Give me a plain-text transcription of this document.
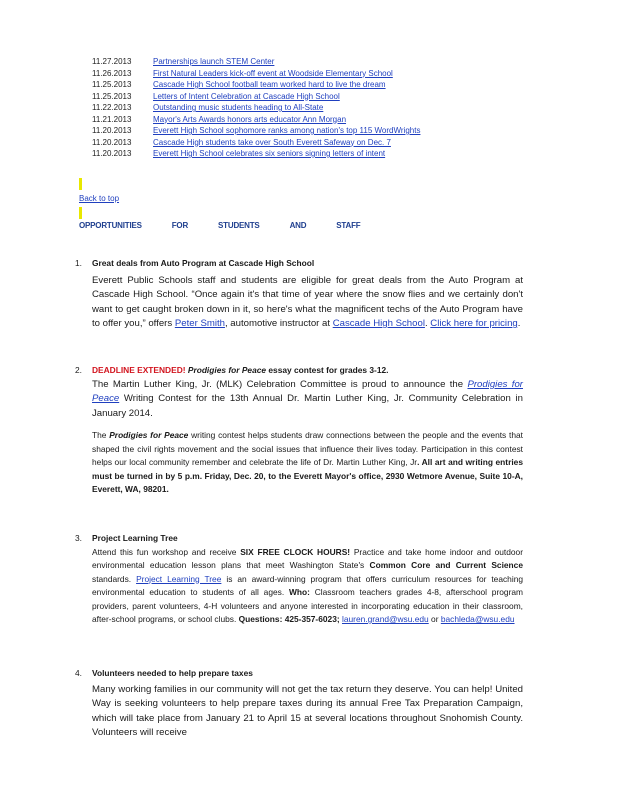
11.27.2013	Partnerships launch STEM Center
11.26.2013	First Natural Leaders kick-off event at Woodside Elementary School
11.25.2013	Cascade High School football team worked hard to live the dream
11.25.2013	Letters of Intent Celebration at Cascade High School
11.22.2013	Outstanding music students heading to All-State
11.21.2013	Mayor's Arts Awards honors arts educator Ann Morgan
11.20.2013	Everett High School sophomore ranks among nation's top 115 WordWrights
11.20.2013	Cascade High students take over South Everett Safeway on Dec. 7
11.20.2013	Everett High School celebrates six seniors signing letters of intent
Back to top
OPPORTUNITIES	FOR	STUDENTS	AND	STAFF
1. Great deals from Auto Program at Cascade High School
Everett Public Schools staff and students are eligible for great deals from the Auto Program at Cascade High School. “Once again it's that time of year where the snow flies and we certainly don't want to get caught broken down in it, so here's what the magnificent techs of the Auto Program have to offer you,” offers Peter Smith, automotive instructor at Cascade High School. Click here for pricing.
2. DEADLINE EXTENDED! Prodigies for Peace essay contest for grades 3-12.
The Martin Luther King, Jr. (MLK) Celebration Committee is proud to announce the Prodigies for Peace Writing Contest for the 13th Annual Dr. Martin Luther King, Jr. Community Celebration in January 2014.
The Prodigies for Peace writing contest helps students draw connections between the people and the events that shaped the civil rights movement and the social issues that influence their lives today. Participation in this contest helps our local community remember and celebrate the life of Dr. Martin Luther King, Jr. All art and writing entries must be turned in by 5 p.m. Friday, Dec. 20, to the Everett Mayor's office, 2930 Wetmore Avenue, Suite 10-A, Everett, WA, 98201.
3. Project Learning Tree
Attend this fun workshop and receive SIX FREE CLOCK HOURS! Practice and take home indoor and outdoor environmental education lesson plans that meet Washington State's Common Core and Current Science standards. Project Learning Tree is an award-winning program that offers curriculum resources for teaching environmental education to students of all ages. Who: Classroom teachers grades 4-8, afterschool program providers, parent volunteers, 4-H volunteers and anyone interested in incorporating education in their classroom, after-school programs, or school clubs. Questions: 425-357-6023; lauren.grand@wsu.edu or bachleda@wsu.edu
4. Volunteers needed to help prepare taxes
Many working families in our community will not get the tax return they deserve. You can help! United Way is seeking volunteers to help prepare taxes during its annual Free Tax Preparation Campaign, which will take place from January 21 to April 15 at several locations throughout Snohomish County. Volunteers will receive
